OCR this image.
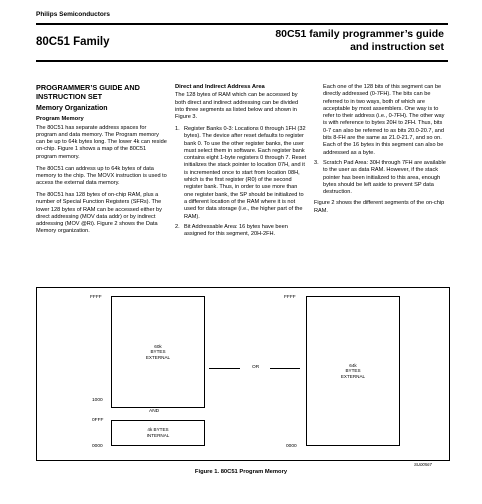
Philips Semiconductors
80C51 Family
80C51 family programmer’s guide
and instruction set
PROGRAMMER’S GUIDE AND
INSTRUCTION SET
Memory Organization
Program Memory

The 80C51 has separate address spaces for program and data memory. The Program memory can be up to 64k bytes long. The lower 4k can reside on-chip. Figure 1 shows a map of the 80C51 program memory.

The 80C51 can address up to 64k bytes of data memory to the chip. The MOVX instruction is used to access the external data memory.

The 80C51 has 128 bytes of on-chip RAM, plus a number of Special Function Registers (SFRs). The lower 128 bytes of RAM can be accessed either by direct addressing (MOV data addr) or by indirect addressing (MOV @Ri). Figure 2 shows the Data Memory organization.

Direct and Indirect Address Area

The 128 bytes of RAM which can be accessed by both direct and indirect addressing can be divided into three segments as listed below and shown in Figure 3.

1. Register Banks 0-3: Locations 0 through 1FH (32 bytes). The device after reset defaults to register bank 0. To use the other register banks, the user must select them in software. Each register bank contains eight 1-byte registers 0 through 7. Reset initializes the stack pointer to location 07H, and it is incremented once to start from location 08H, which is the first register (R0) of the second register bank. Thus, in order to use more than one register bank, the SP should be initialized to a different location of the RAM where it is not used for data storage (i.e., the higher part of the RAM).
2. Bit Addressable Area: 16 bytes have been assigned for this segment, 20H-2FH.
Each one of the 128 bits of this segment can be directly addressed (0-7FH). The bits can be referred to in two ways, both of which are acceptable by most assemblers. One way is to refer to their address (i.e., 0-7FH). The other way is with reference to bytes 20H to 2FH. Thus, bits 0-7 can also be referred to as bits 20.0-20.7, and bits 8-FH are the same as 21.0-21.7, and so on. Each of the 16 bytes in this segment can also be addressed as a byte.
3. Scratch Pad Area: 30H through 7FH are available to the user as data RAM. However, if the stack pointer has been initialized to this area, enough bytes should be left aside to prevent SP data destruction.

Figure 2 shows the different segments of the on-chip RAM.

FFFF
60k
BYTES
EXTERNAL
1000
AND
0FFF
4k BYTES
INTERNAL
0000
OR
FFFF
64k
BYTES
EXTERNAL
0000
SU00567
Figure 1. 80C51 Program Memory
